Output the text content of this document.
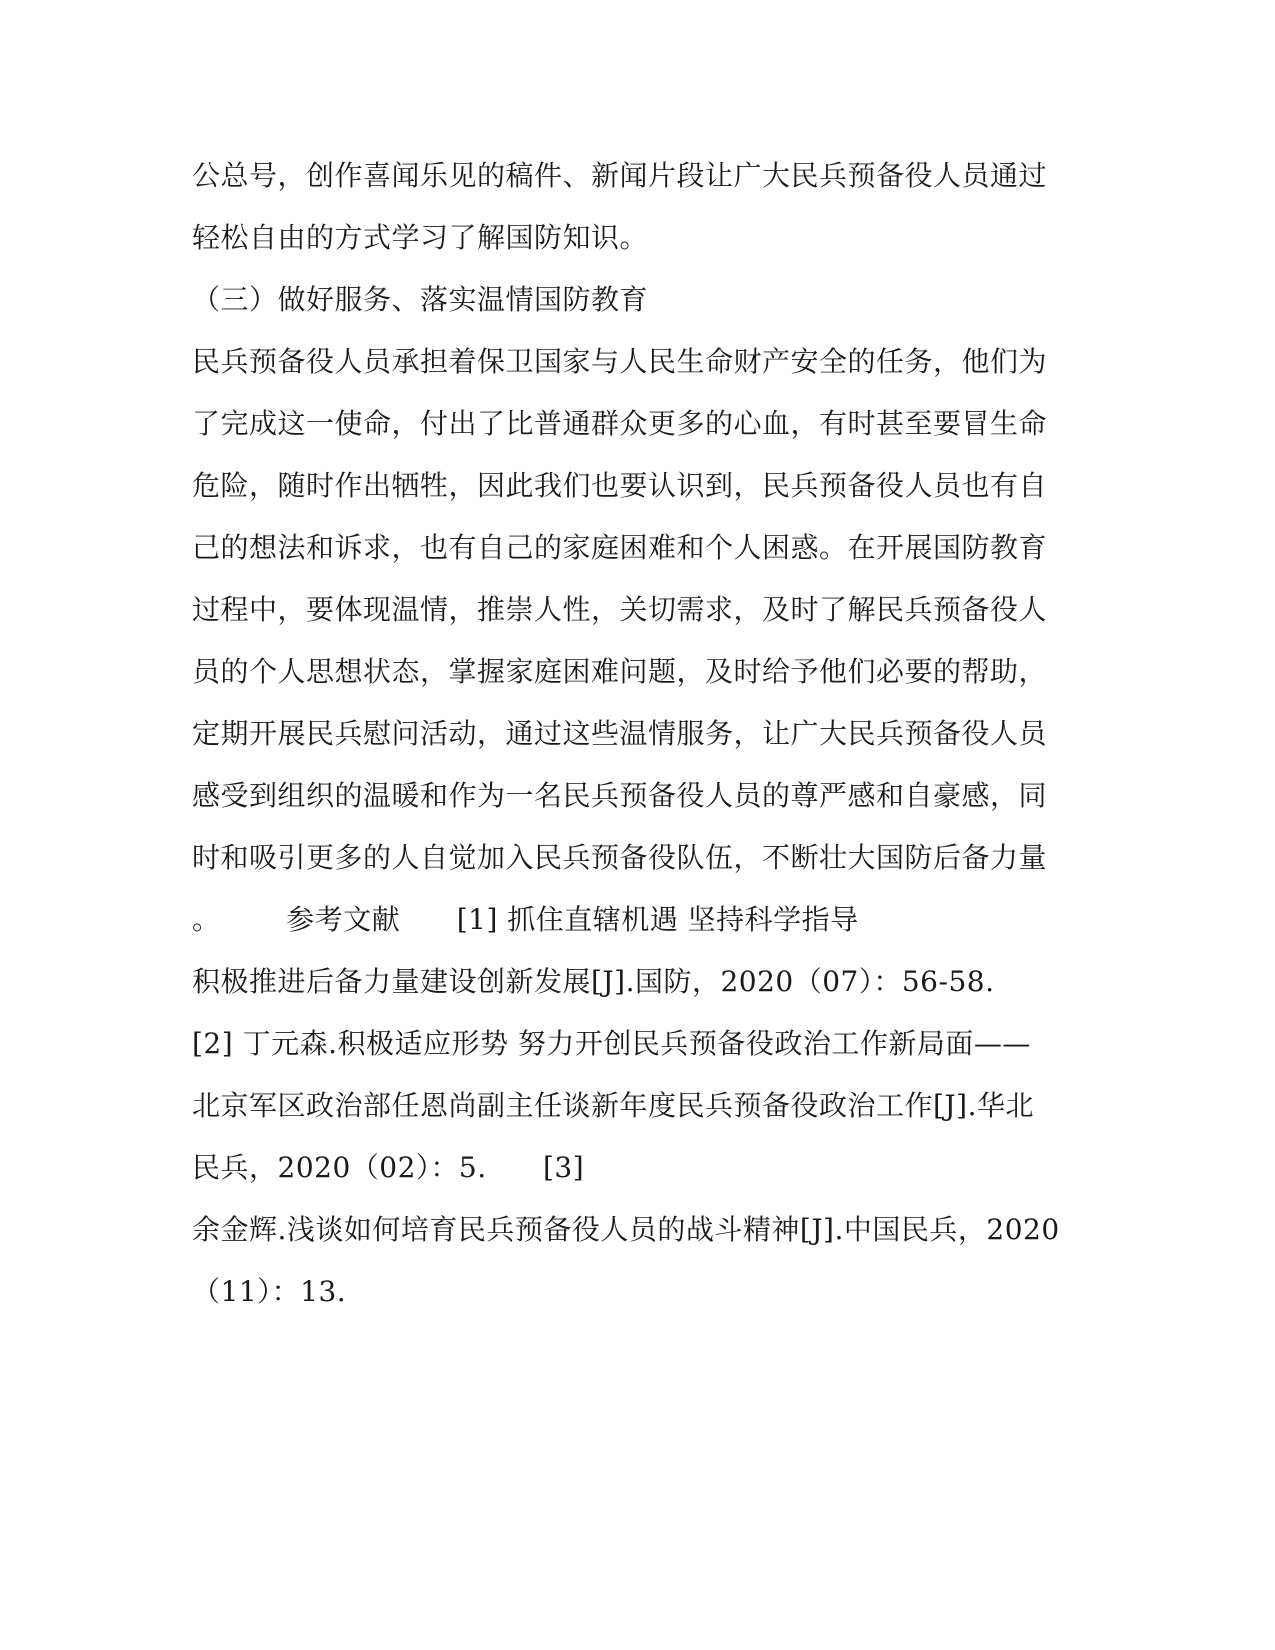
公总号，创作喜闻乐见的稿件、新闻片段让广大民兵预备役人员通过
轻松自由的方式学习了解国防知识。
（三）做好服务、落实温情国防教育
民兵预备役人员承担着保卫国家与人民生命财产安全的任务，他们为
了完成这一使命，付出了比普通群众更多的心血，有时甚至要冒生命
危险，随时作出牺牲，因此我们也要认识到，民兵预备役人员也有自
己的想法和诉求，也有自己的家庭困难和个人困惑。在开展国防教育
过程中，要体现温情，推崇人性，关切需求，及时了解民兵预备役人
员的个人思想状态，掌握家庭困难问题，及时给予他们必要的帮助，
定期开展民兵慰问活动，通过这些温情服务，让广大民兵预备役人员
感受到组织的温暖和作为一名民兵预备役人员的尊严感和自豪感，同
时和吸引更多的人自觉加入民兵预备役队伍，不断壮大国防后备力量
。       参考文献      [1] 抓住直辖机遇 坚持科学指导
积极推进后备力量建设创新发展[J].国防，2020（07）：56-58.
[2] 丁元森.积极适应形势 努力开创民兵预备役政治工作新局面——
北京军区政治部任恩尚副主任谈新年度民兵预备役政治工作[J].华北
民兵，2020（02）：5.      [3]
余金辉.浅谈如何培育民兵预备役人员的战斗精神[J].中国民兵，2020
（11）：13.
